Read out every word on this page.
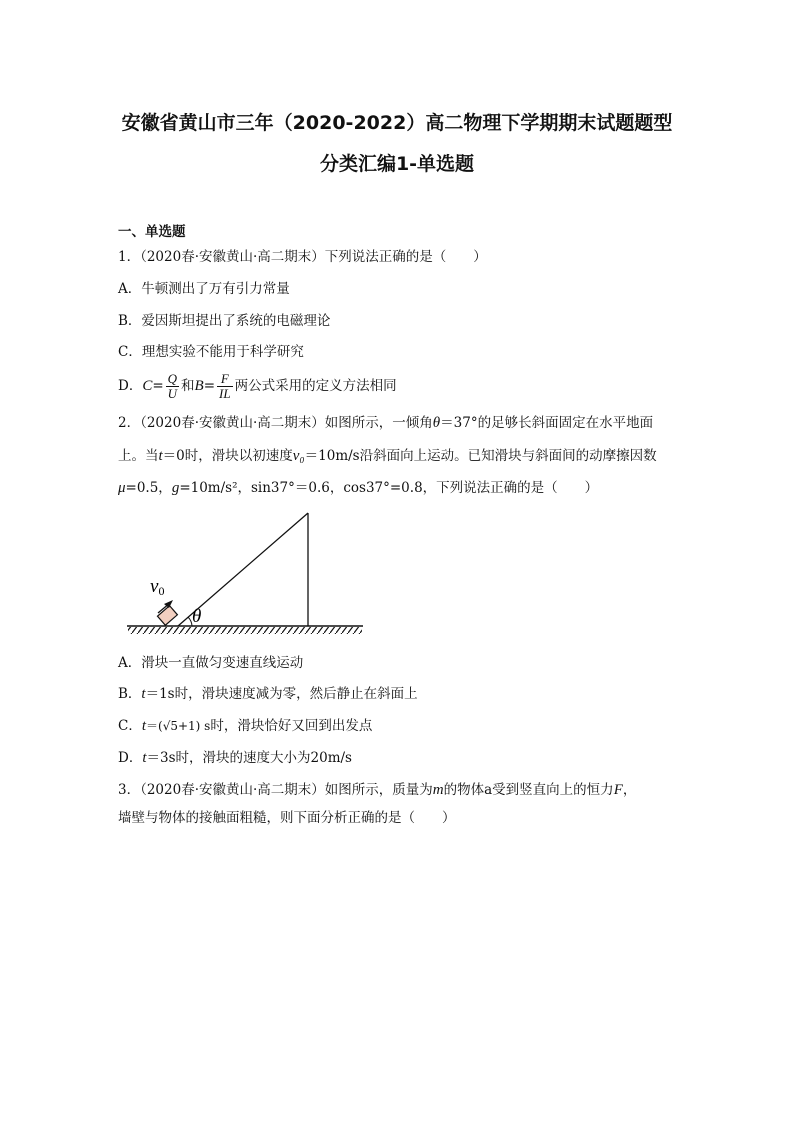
安徽省黄山市三年（2020-2022）高二物理下学期期末试题题型
分类汇编1-单选题
一、单选题
1．（2020春·安徽黄山·高二期末）下列说法正确的是（　　）
A．牛顿测出了万有引力常量
B．爱因斯坦提出了系统的电磁理论
C．理想实验不能用于科学研究
D．$C= \frac{Q}{U}$ 和$B= \frac{F}{IL}$ 两公式采用的定义方法相同
2．（2020春·安徽黄山·高二期末）如图所示，一倾角θ＝37°的足够长斜面固定在水平地面
上。当t＝0时，滑块以初速度v₀＝10m/s沿斜面向上运动。已知滑块与斜面间的动摩擦因数
μ=0.5，g=10m/s²，sin37°＝0.6，cos37°=0.8，下列说法正确的是（　　）
v0
θ
A．滑块一直做匀变速直线运动
B．t＝1s时，滑块速度减为零，然后静止在斜面上
C．t＝(√5+1) s时，滑块恰好又回到出发点
D．t＝3s时，滑块的速度大小为20m/s
3．（2020春·安徽黄山·高二期末）如图所示，质量为m的物体a受到竖直向上的恒力F，
墙壁与物体的接触面粗糙，则下面分析正确的是（　　）
